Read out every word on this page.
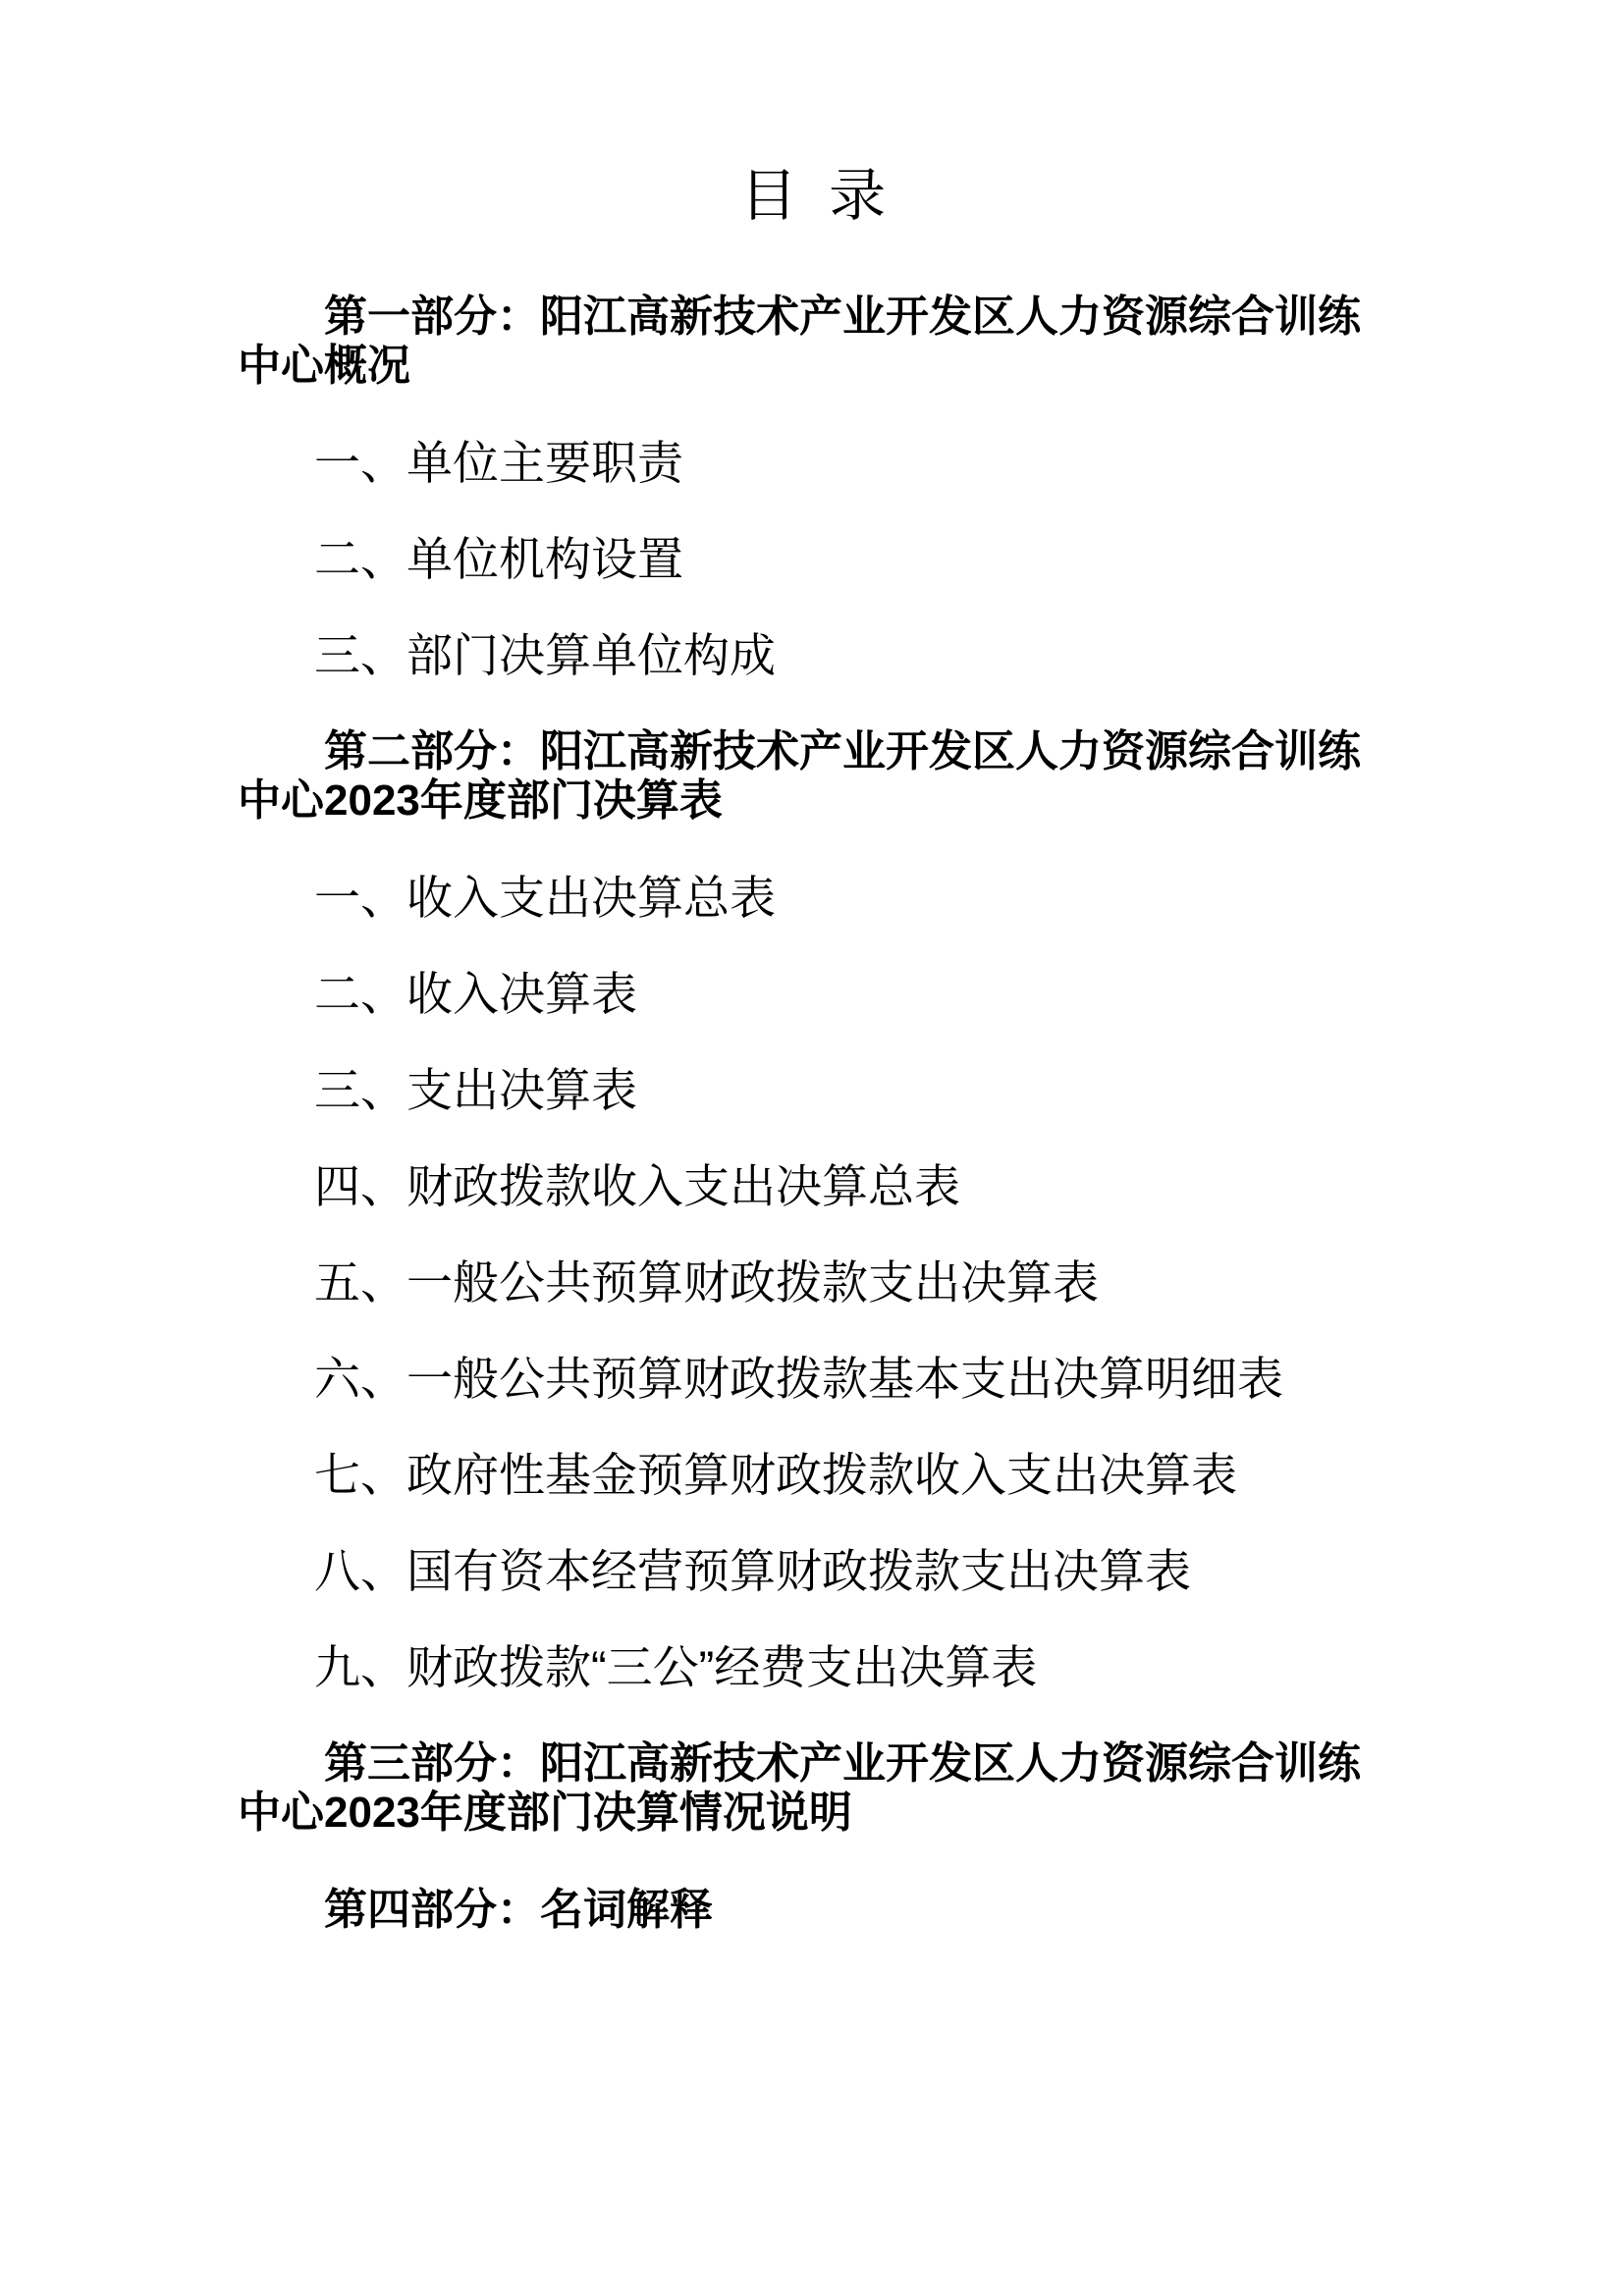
目  录
第一部分：阳江高新技术产业开发区人力资源综合训练
中心概况

一、单位主要职责

二、单位机构设置

三、部门决算单位构成

第二部分：阳江高新技术产业开发区人力资源综合训练
中心2023年度部门决算表

一、收入支出决算总表

二、收入决算表

三、支出决算表

四、财政拨款收入支出决算总表

五、一般公共预算财政拨款支出决算表

六、一般公共预算财政拨款基本支出决算明细表

七、政府性基金预算财政拨款收入支出决算表

八、国有资本经营预算财政拨款支出决算表

九、财政拨款“三公”经费支出决算表

第三部分：阳江高新技术产业开发区人力资源综合训练
中心2023年度部门决算情况说明
第四部分：名词解释
